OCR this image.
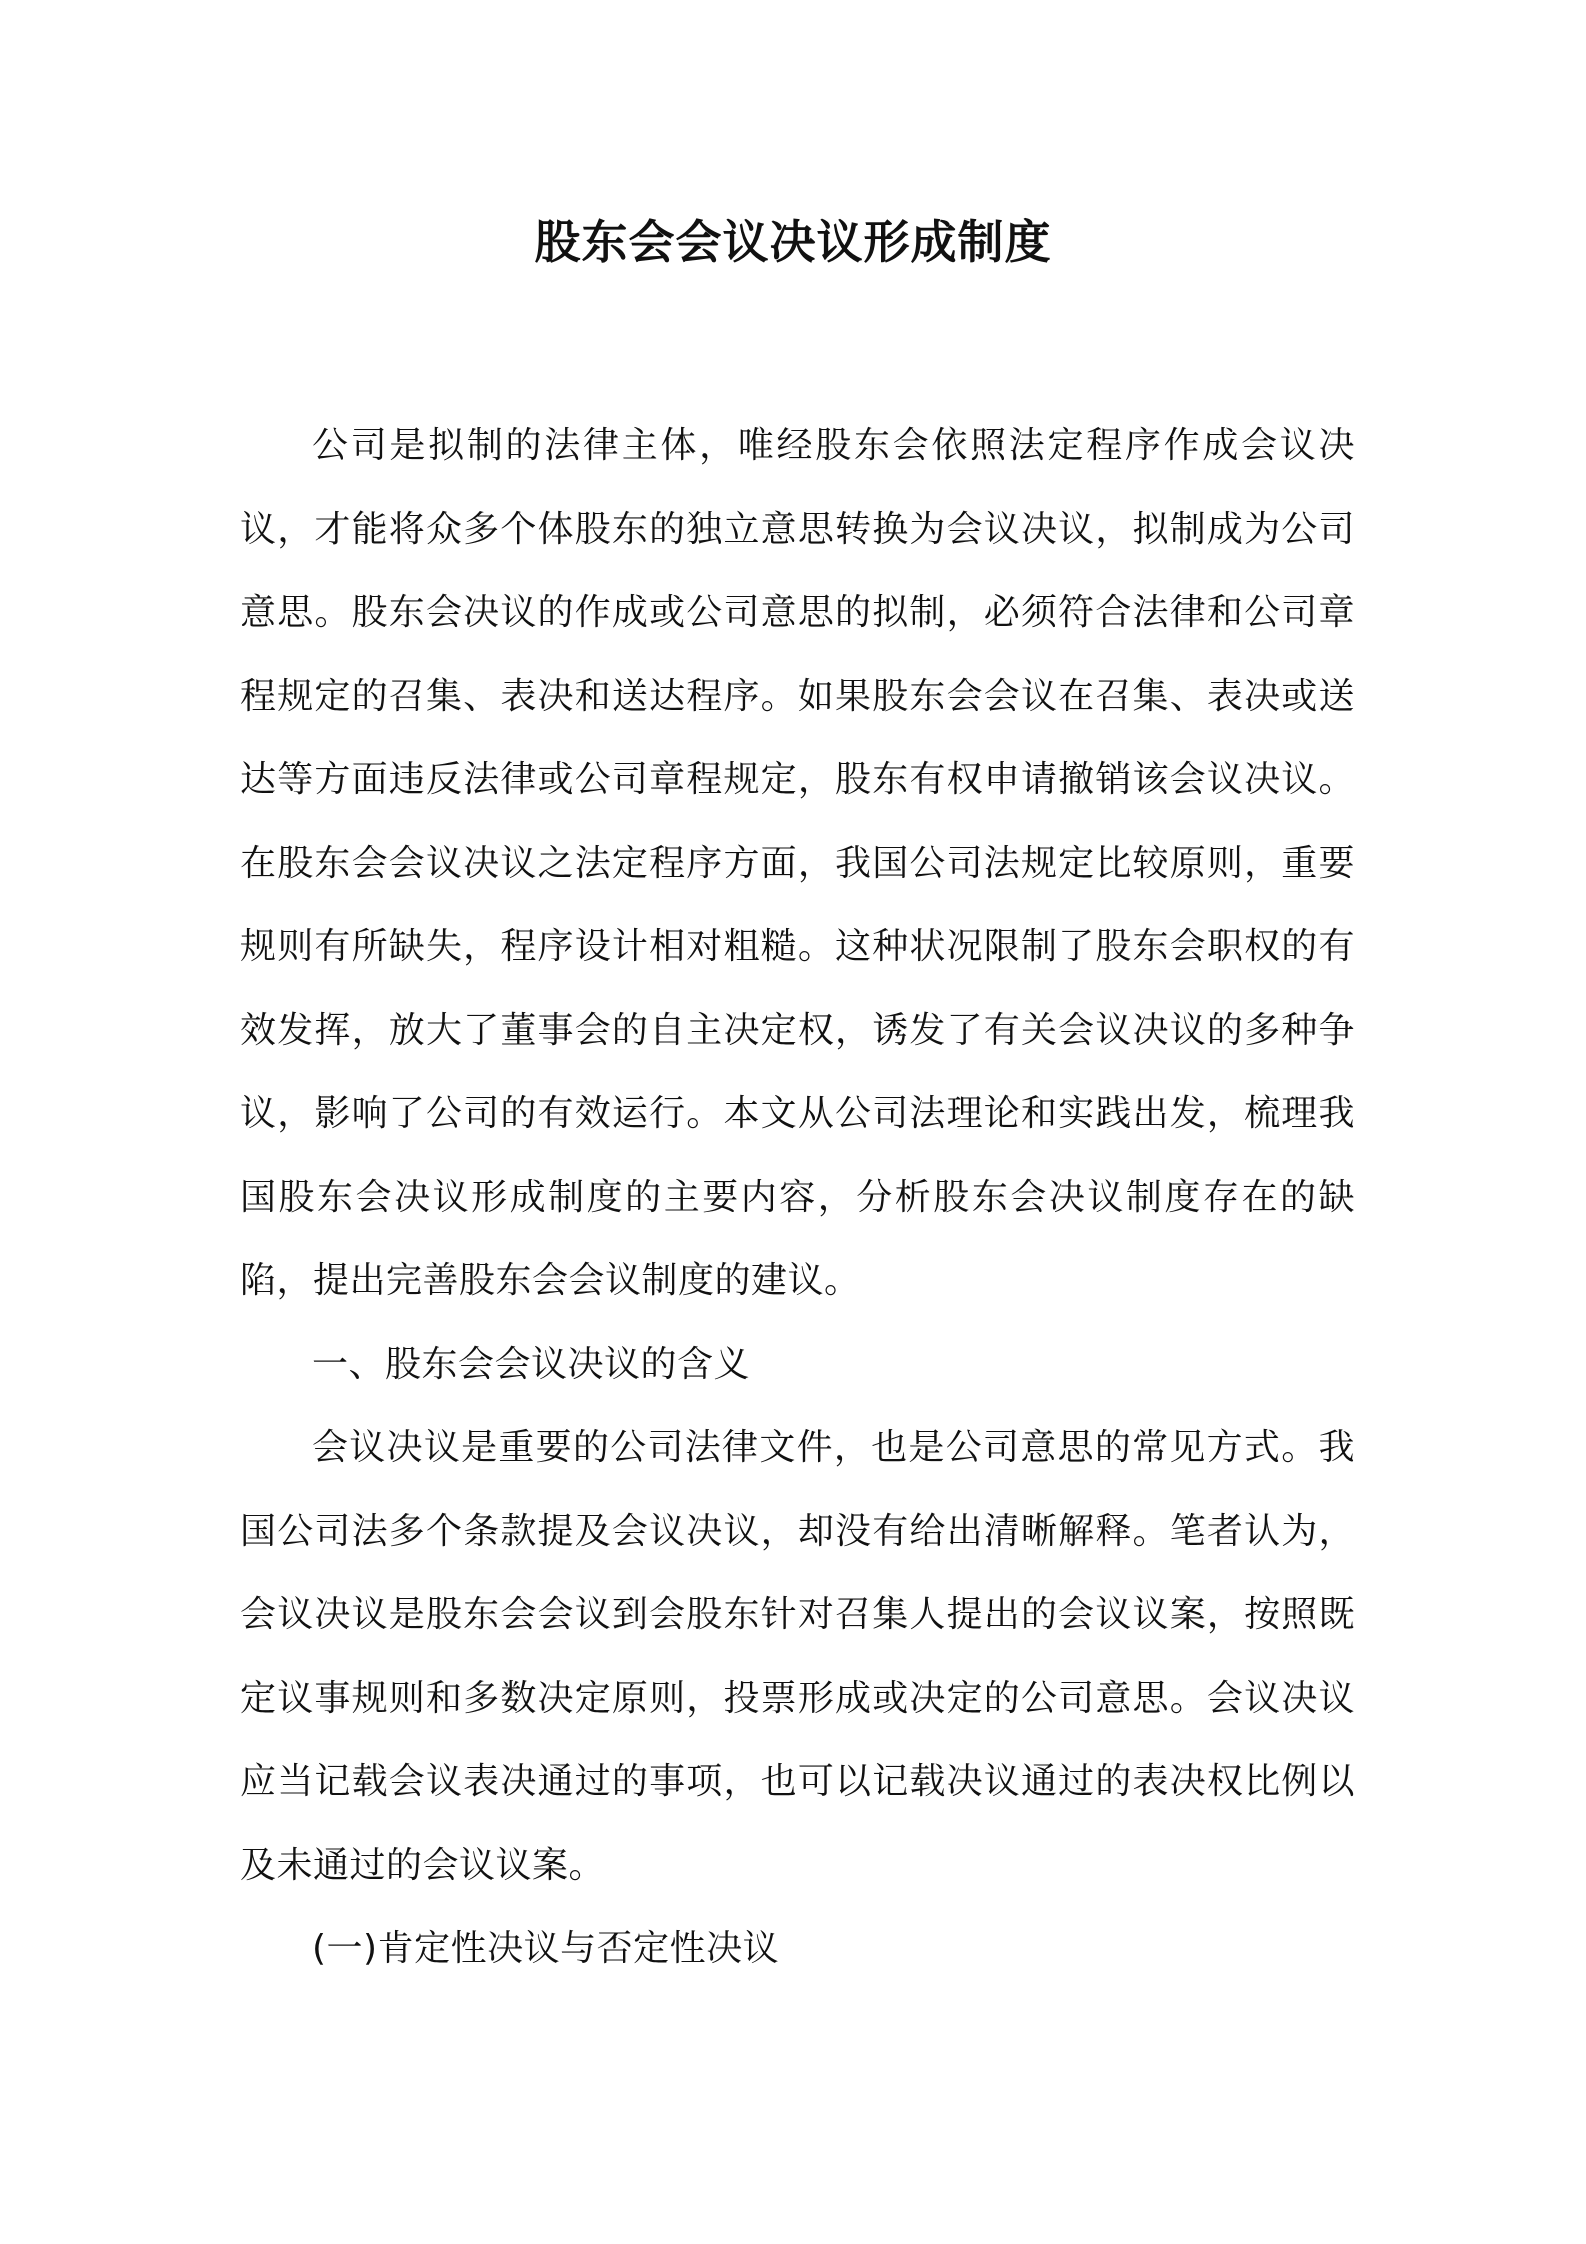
股东会会议决议形成制度

公司是拟制的法律主体，唯经股东会依照法定程序作成会议决议，才能将众多个体股东的独立意思转换为会议决议，拟制成为公司意思。股东会决议的作成或公司意思的拟制，必须符合法律和公司章程规定的召集、表决和送达程序。如果股东会会议在召集、表决或送达等方面违反法律或公司章程规定，股东有权申请撤销该会议决议。在股东会会议决议之法定程序方面，我国公司法规定比较原则，重要规则有所缺失，程序设计相对粗糙。这种状况限制了股东会职权的有效发挥，放大了董事会的自主决定权，诱发了有关会议决议的多种争议，影响了公司的有效运行。本文从公司法理论和实践出发，梳理我国股东会决议形成制度的主要内容，分析股东会决议制度存在的缺陷，提出完善股东会会议制度的建议。

一、股东会会议决议的含义

会议决议是重要的公司法律文件，也是公司意思的常见方式。我国公司法多个条款提及会议决议，却没有给出清晰解释。笔者认为，会议决议是股东会会议到会股东针对召集人提出的会议议案，按照既定议事规则和多数决定原则，投票形成或决定的公司意思。会议决议应当记载会议表决通过的事项，也可以记载决议通过的表决权比例以及未通过的会议议案。

(一)肯定性决议与否定性决议
